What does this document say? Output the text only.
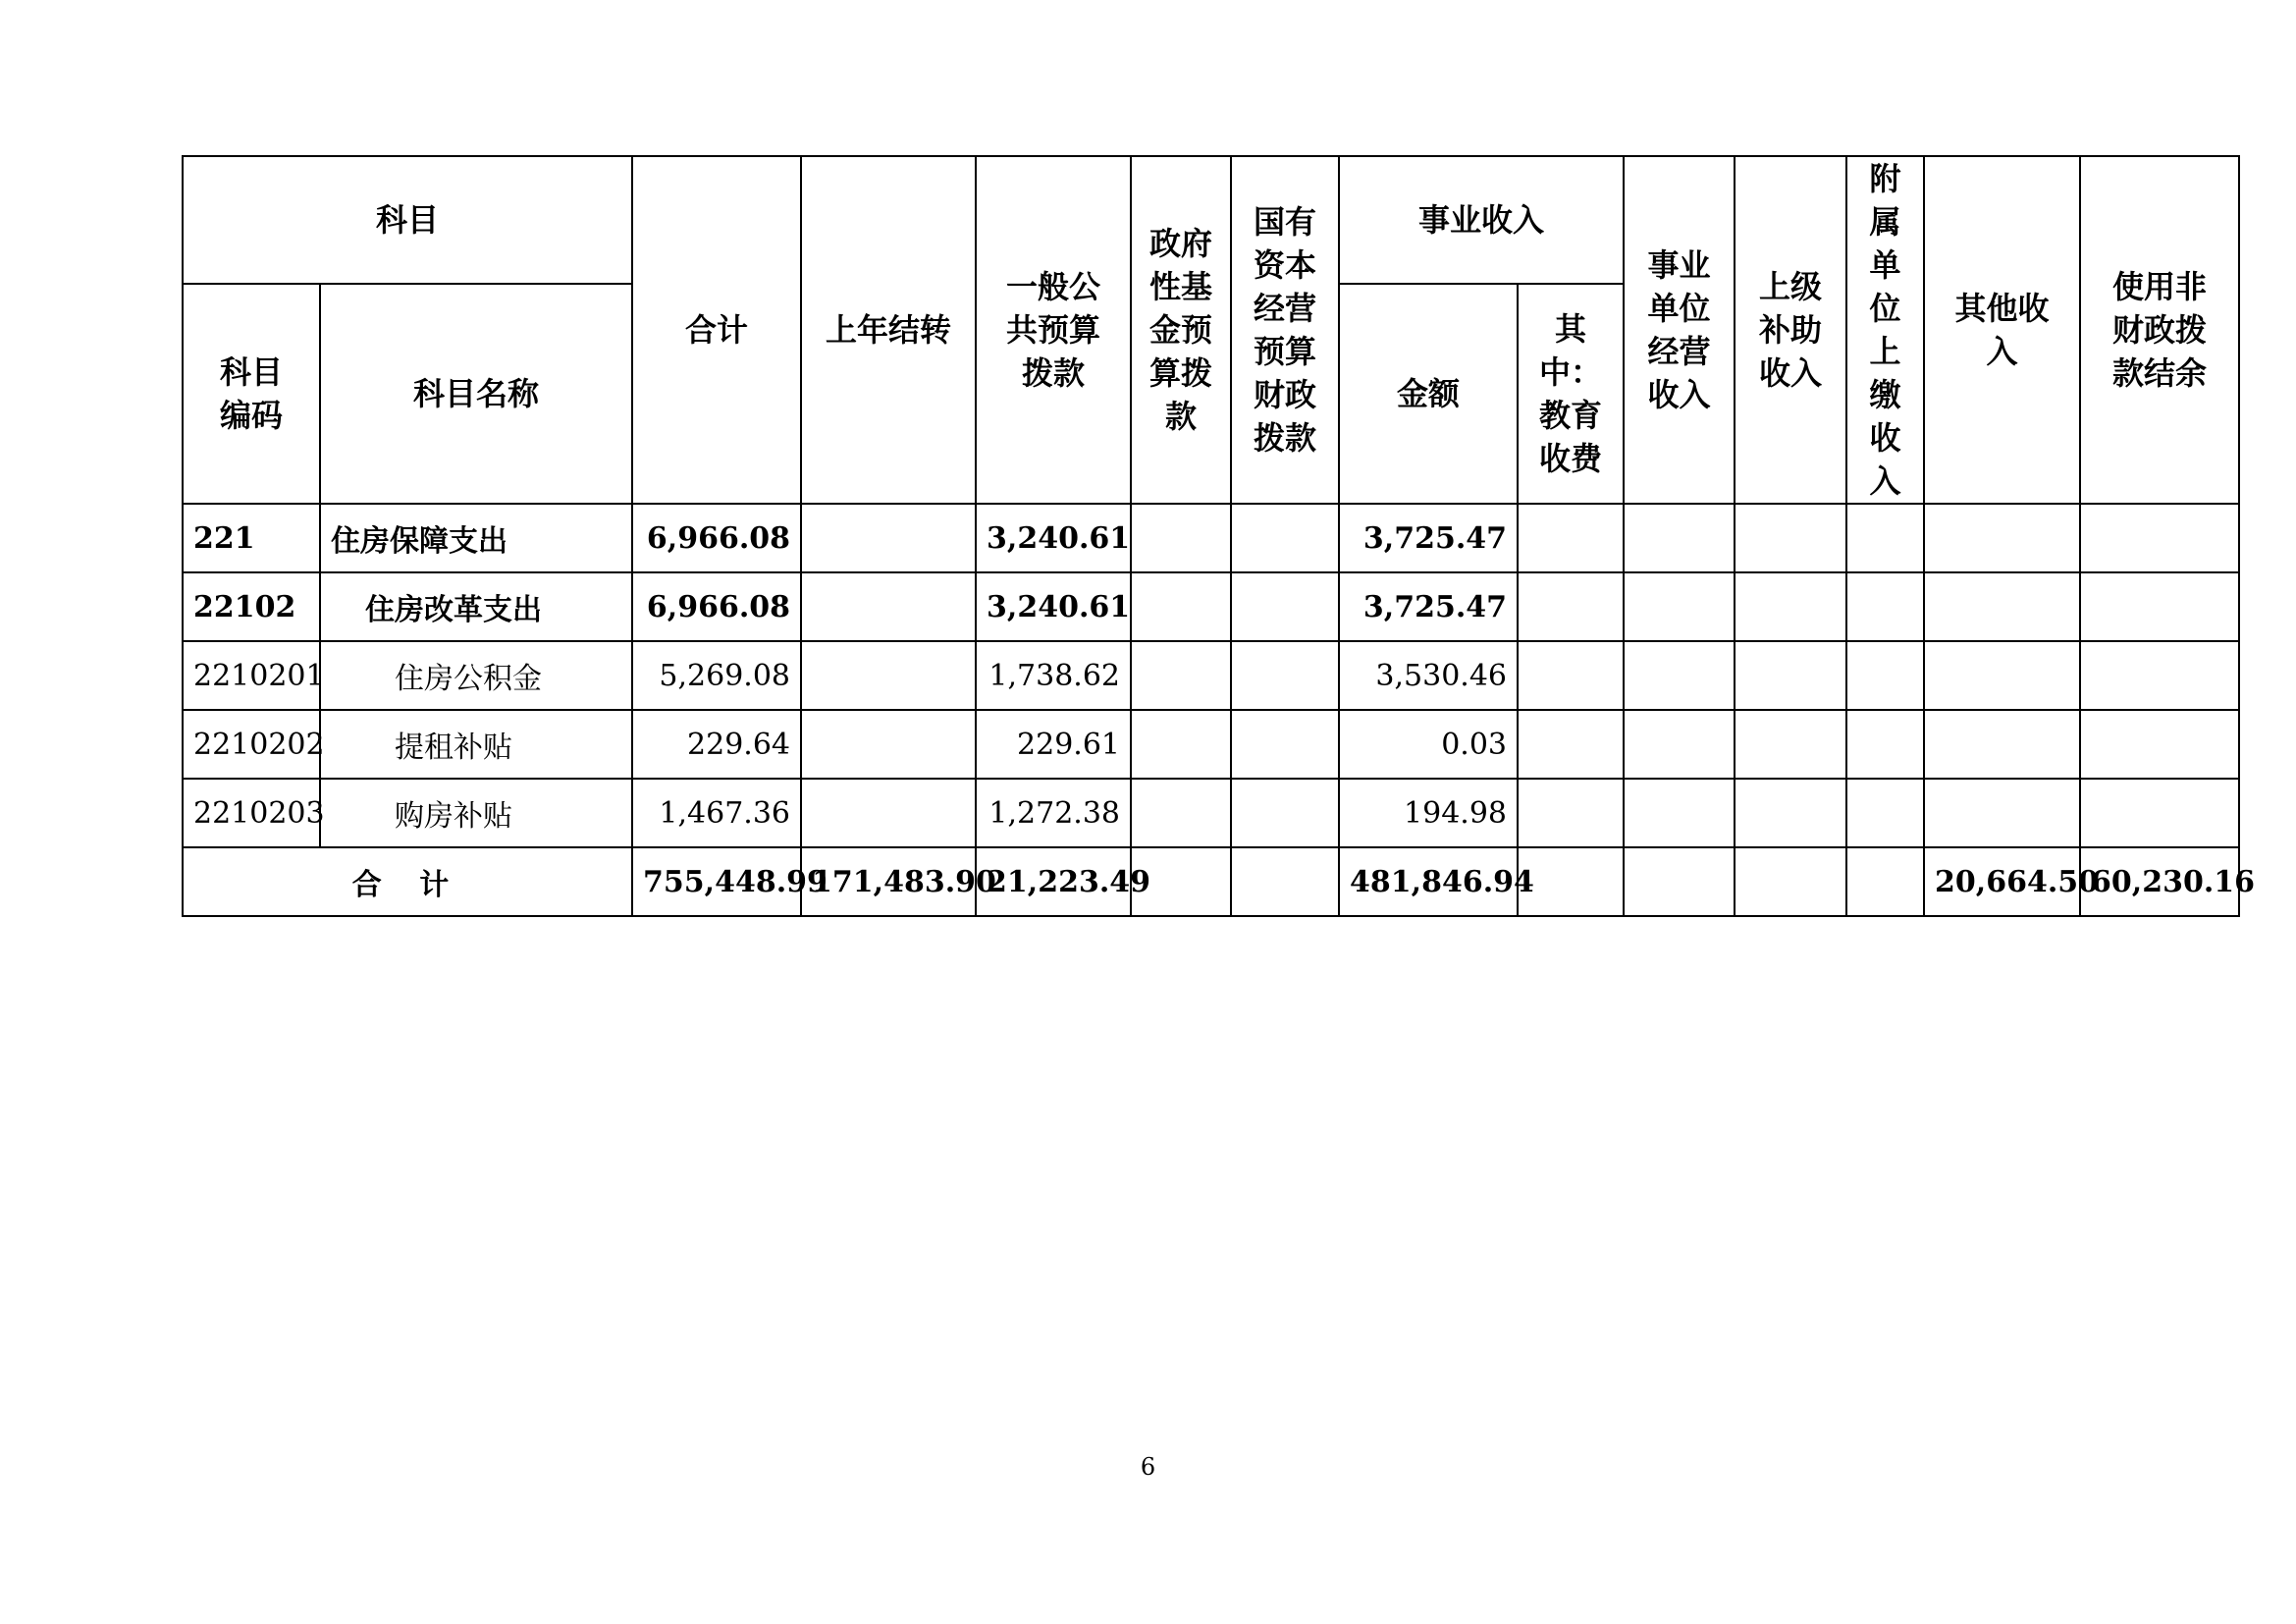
科目		合计	上年结转	一般公共预算拨款	政府性基金预算拨款	国有资本经营预算财政拨款	事业收入		事业单位经营收入	上级补助收入	附属单位上缴收入	其他收入	使用非财政拨款结余
科目编码	科目名称						金额	其中：教育收费					
221	住房保障支出	6,966.08		3,240.61			3,725.47						
22102	住房改革支出	6,966.08		3,240.61			3,725.47						
2210201	住房公积金	5,269.08		1,738.62			3,530.46						
2210202	提租补贴	229.64		229.61			0.03						
2210203	购房补贴	1,467.36		1,272.38			194.98						
合 计		755,448.99	171,483.90	21,223.49			481,846.94					20,664.50	60,230.16
6
